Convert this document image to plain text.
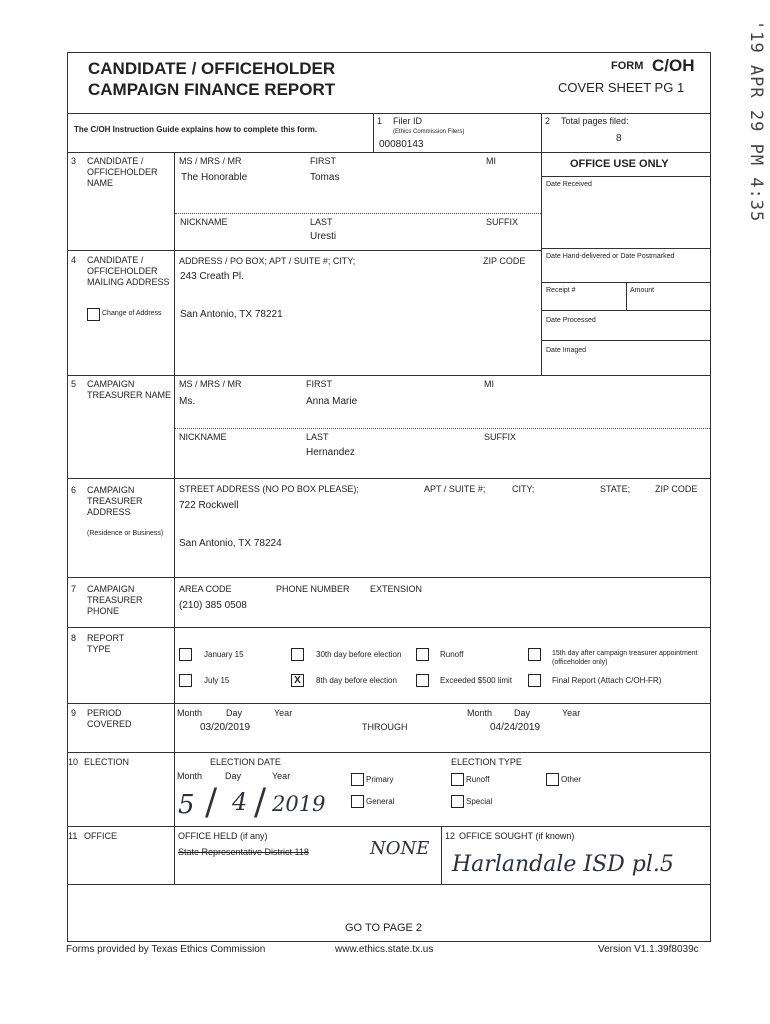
'19 APR 29 PM 4:35
CANDIDATE / OFFICEHOLDER
CAMPAIGN FINANCE REPORT
FORM C/OH
COVER SHEET PG 1
The C/OH Instruction Guide explains how to complete this form.
1 Filer ID
(Ethics Commission Filers)
00080143
2 Total pages filed:
8
OFFICE USE ONLY
Date Received
Date Hand-delivered or Date Postmarked
Receipt #	Amount
Date Processed
Date Imaged
3 CANDIDATE / OFFICEHOLDER NAME
MS / MRS / MR
The Honorable
FIRST
Tomas
MI
NICKNAME	LAST
Uresti
SUFFIX
4 CANDIDATE / OFFICEHOLDER MAILING ADDRESS
Change of Address
ADDRESS / PO BOX; APT / SUITE #; CITY;	ZIP CODE
243 Creath Pl.
San Antonio, TX 78221
5 CAMPAIGN TREASURER NAME
MS / MRS / MR
Ms.
FIRST
Anna Marie
MI
NICKNAME	LAST
Hernandez
SUFFIX
6 CAMPAIGN TREASURER ADDRESS
(Residence or Business)
STREET ADDRESS (NO PO BOX PLEASE);	APT / SUITE #;	CITY;	STATE;	ZIP CODE
722 Rockwell
San Antonio, TX 78224
7 CAMPAIGN TREASURER PHONE
AREA CODE	PHONE NUMBER EXTENSION
(210) 385 0508
8 REPORT TYPE
January 15	30th day before election	Runoff	15th day after campaign treasurer appointment (officeholder only)
July 15	X	8th day before election	Exceeded $500 limit	Final Report (Attach C/OH-FR)
9 PERIOD COVERED
Month	Day	Year
03/20/2019	THROUGH
Month Day	Year
04/24/2019
10 ELECTION	ELECTION DATE
Month	Day	Year
5 / 4 / 2019
ELECTION TYPE
Primary	Runoff	Other
General	Special
11 OFFICE	OFFICE HELD (if any)
State Representative District 118	NONE
12 OFFICE SOUGHT (if known)
Harlandale ISD pl.5
GO TO PAGE 2
Forms provided by Texas Ethics Commission	www.ethics.state.tx.us	Version V1.1.39f8039c
